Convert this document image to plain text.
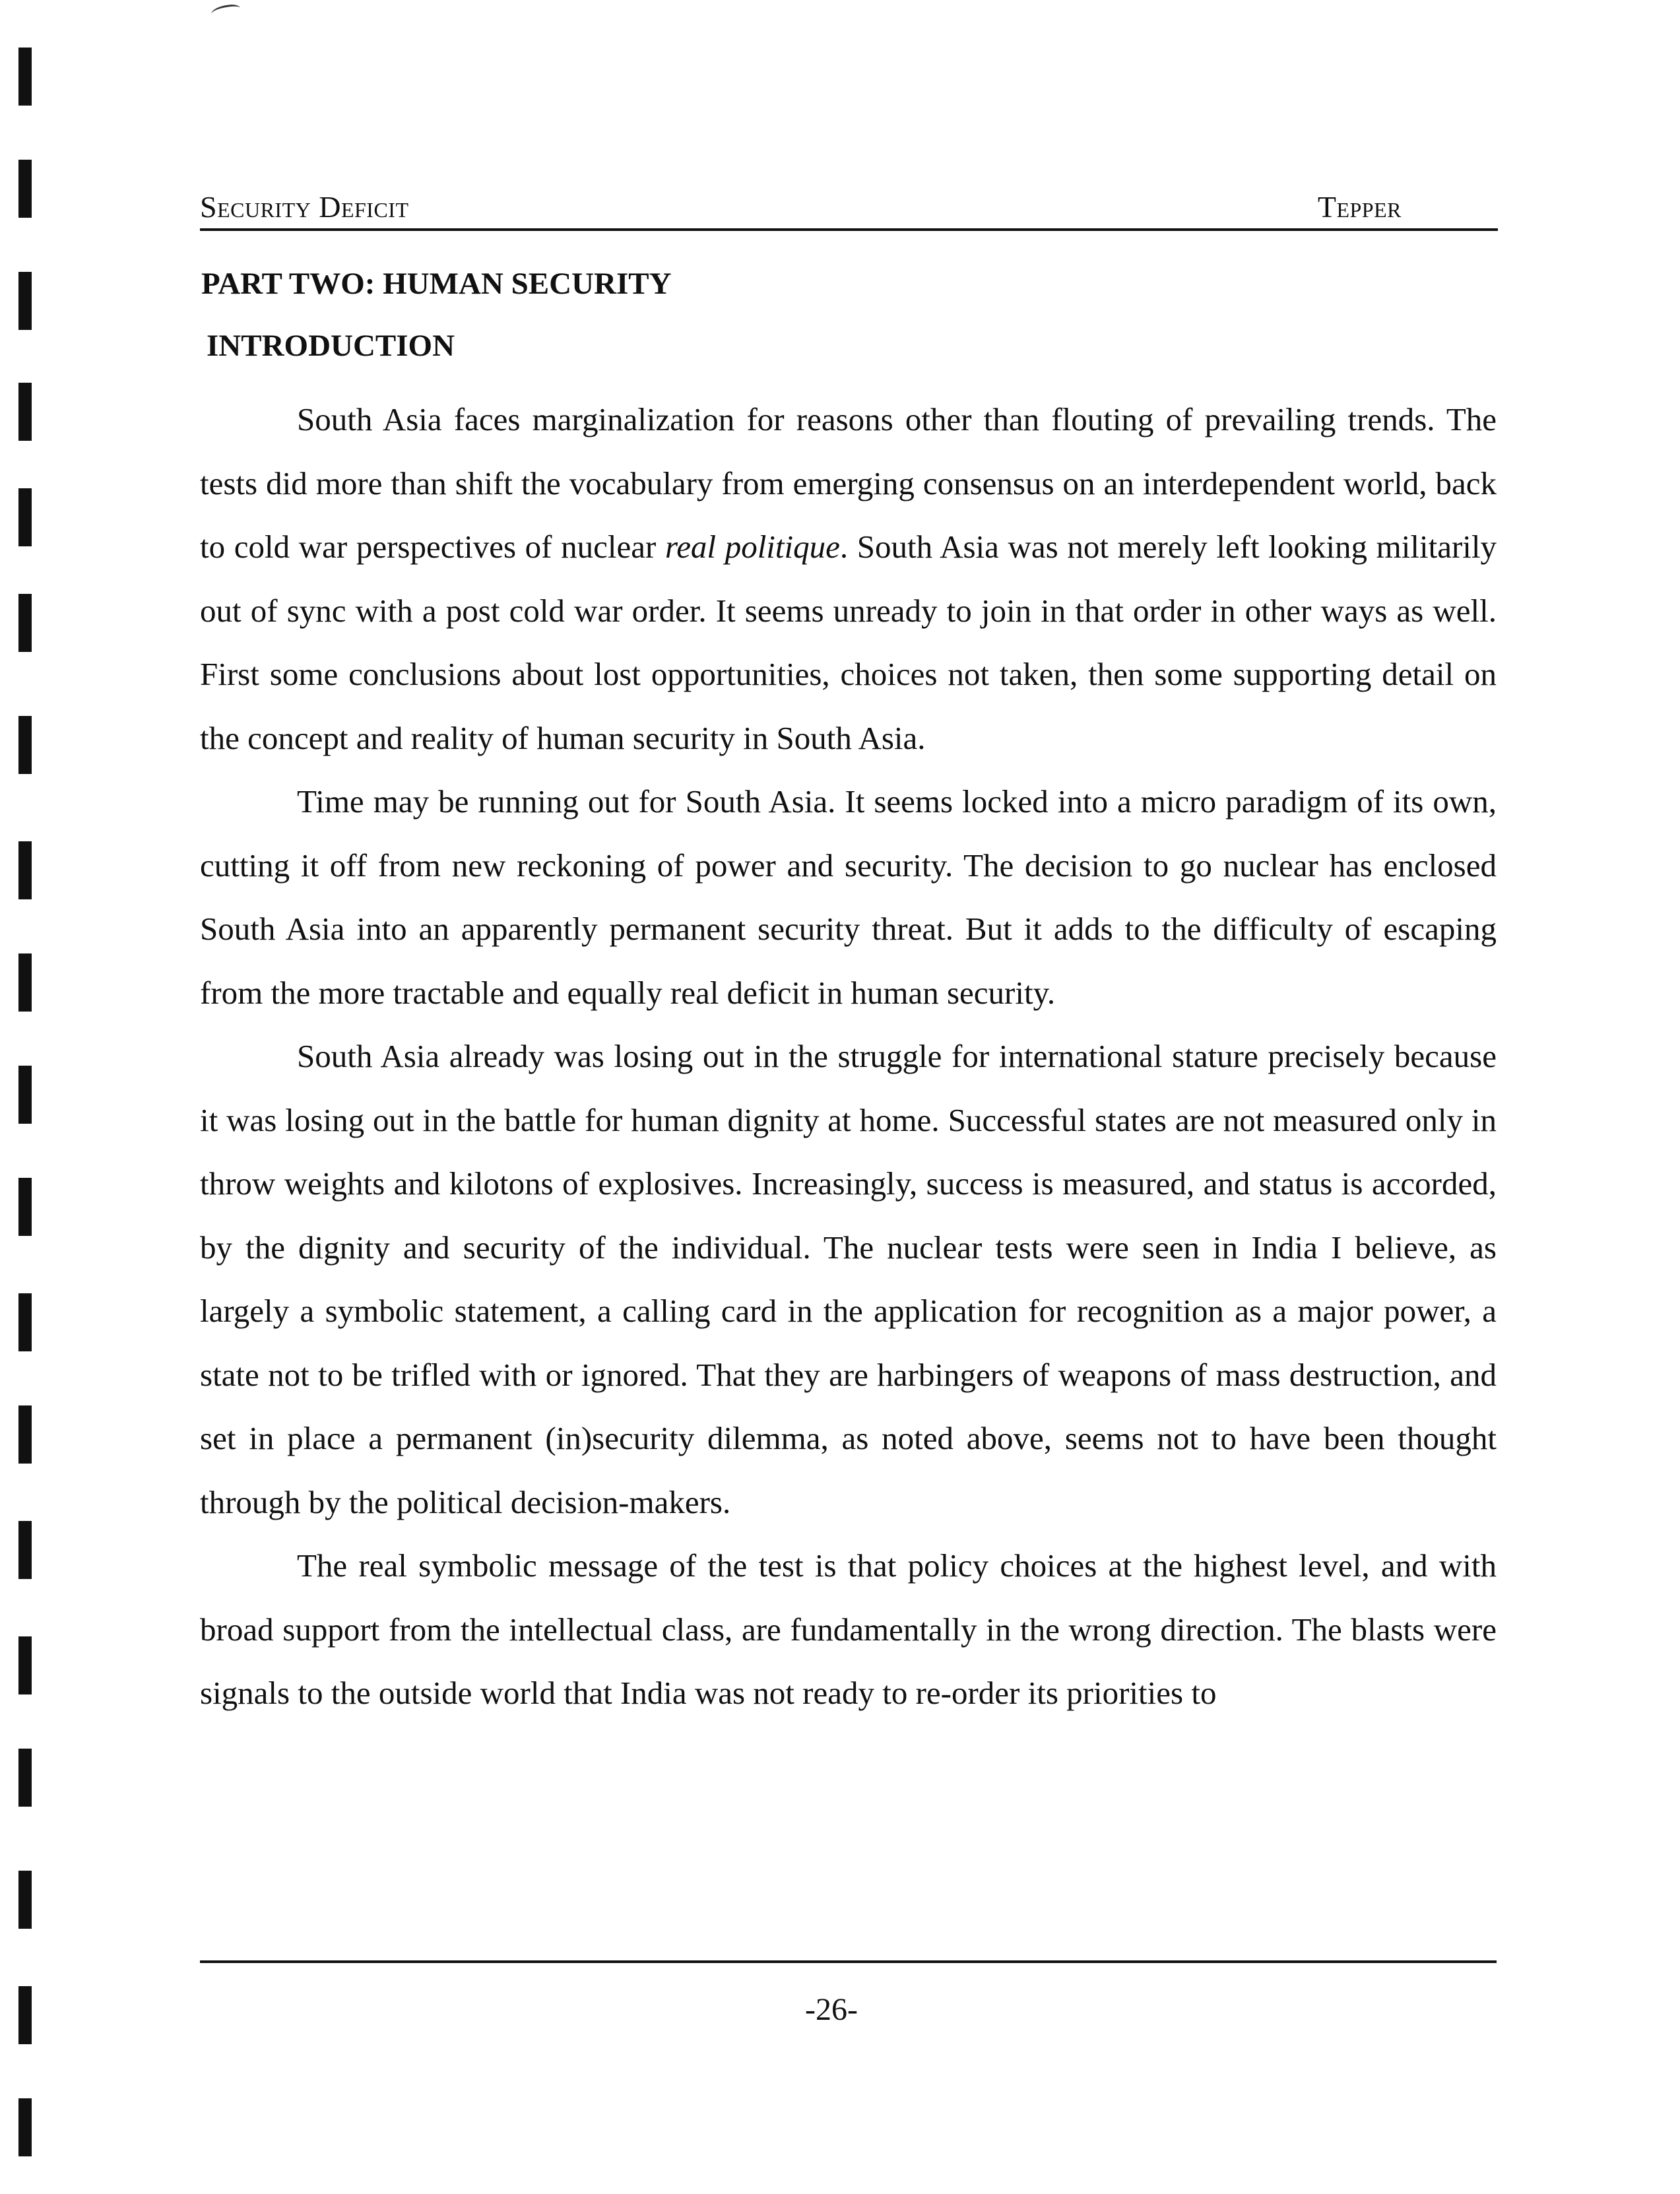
Security Deficit	Tepper
PART TWO: HUMAN SECURITY
INTRODUCTION

South Asia faces marginalization for reasons other than flouting of prevailing trends. The tests did more than shift the vocabulary from emerging consensus on an interdependent world, back to cold war perspectives of nuclear real politique. South Asia was not merely left looking militarily out of sync with a post cold war order. It seems unready to join in that order in other ways as well. First some conclusions about lost opportunities, choices not taken, then some supporting detail on the concept and reality of human security in South Asia.

Time may be running out for South Asia. It seems locked into a micro paradigm of its own, cutting it off from new reckoning of power and security. The decision to go nuclear has enclosed South Asia into an apparently permanent security threat. But it adds to the difficulty of escaping from the more tractable and equally real deficit in human security.

South Asia already was losing out in the struggle for international stature precisely because it was losing out in the battle for human dignity at home. Successful states are not measured only in throw weights and kilotons of explosives. Increasingly, success is measured, and status is accorded, by the dignity and security of the individual. The nuclear tests were seen in India I believe, as largely a symbolic statement, a calling card in the application for recognition as a major power, a state not to be trifled with or ignored. That they are harbingers of weapons of mass destruction, and set in place a permanent (in)security dilemma, as noted above, seems not to have been thought through by the political decision-makers.

The real symbolic message of the test is that policy choices at the highest level, and with broad support from the intellectual class, are fundamentally in the wrong direction. The blasts were signals to the outside world that India was not ready to re-order its priorities to

-26-
